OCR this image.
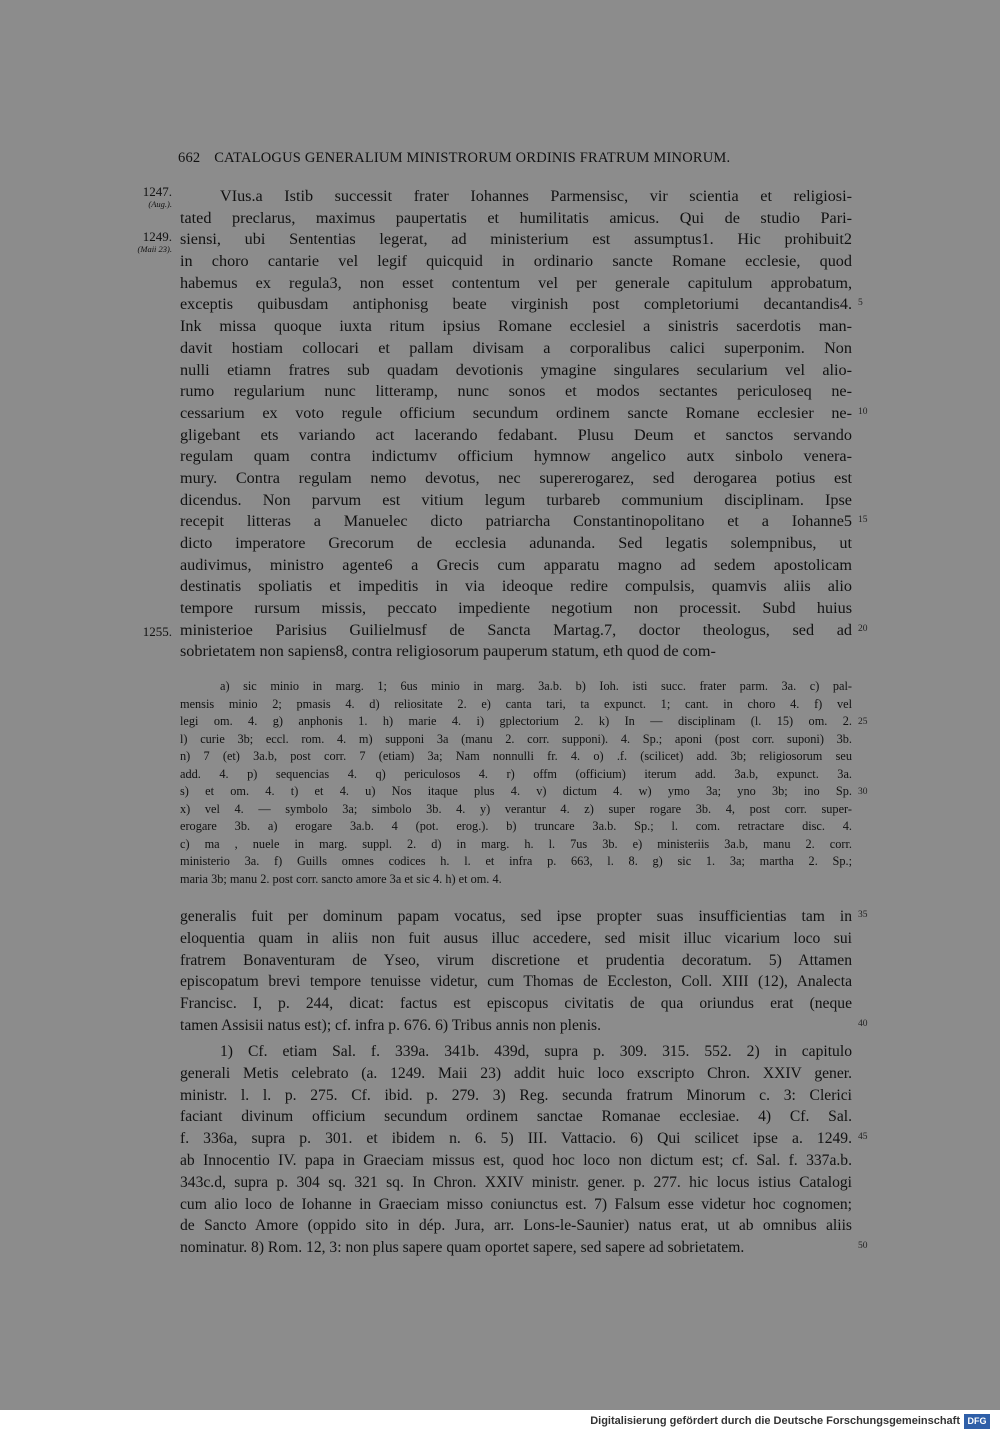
662 CATALOGUS GENERALIUM MINISTRORUM ORDINIS FRATRUM MINORUM.
1247.
(Aug.).
1249.
(Maii 23).
1255.
VIus.a Istib successit frater Iohannes Parmensisc, vir scientia et religiosi-
tated preclarus, maximus paupertatis et humilitatis amicus. Qui de studio Pari-
siensi, ubi Sententias legerat, ad ministerium est assumptus1. Hic prohibuit2
in choro cantarie vel legif quicquid in ordinario sancte Romane ecclesie, quod
habemus ex regula3, non esset contentum vel per generale capitulum approbatum,
exceptis quibusdam antiphonisg beate virginish post completoriumi decantandis4. 5
Ink missa quoque iuxta ritum ipsius Romane ecclesiel a sinistris sacerdotis man-
davit hostiam collocari et pallam divisam a corporalibus calici superponim. Non
nulli etiamn fratres sub quadam devotionis ymagine singulares secularium vel alio-
rumo regularium nunc litteramp, nunc sonos et modos sectantes periculoseq ne-
cessarium ex voto regule officium secundum ordinem sancte Romane ecclesier ne- 10
gligebant ets variando act lacerando fedabant. Plusu Deum et sanctos servando
regulam quam contra indictumv officium hymnow angelico autx sinbolo venera-
mury. Contra regulam nemo devotus, nec supererogarez, sed derogarea potius est
dicendus. Non parvum est vitium legum turbareb communium disciplinam. Ipse
recepit litteras a Manuelec dicto patriarcha Constantinopolitano et a Iohanne5 15
dicto imperatore Grecorum de ecclesia adunanda. Sed legatis solempnibus, ut
audivimus, ministro agente6 a Grecis cum apparatu magno ad sedem apostolicam
destinatis spoliatis et impeditis in via ideoque redire compulsis, quamvis aliis alio
tempore rursum missis, peccato impediente negotium non processit. Subd huius
ministerioe Parisius Guilielmusf de Sancta Martag.7, doctor theologus, sed ad 20
sobrietatem non sapiens8, contra religiosorum pauperum statum, eth quod de com-
a) sic minio in marg. 1; 6us minio in marg. 3a.b. b) Ioh. isti succ. frater parm. 3a. c) pal-
mensis minio 2; pmasis 4. d) reliositate 2. e) canta tari, ta expunct. 1; cant. in choro 4. f) vel
legi om. 4. g) anphonis 1. h) marie 4. i) gplectorium 2. k) In — disciplinam (l. 15) om. 2. 25
l) curie 3b; eccl. rom. 4. m) supponi 3a (manu 2. corr. supponi). 4. Sp.; aponi (post corr. suponi) 3b.
n) 7 (et) 3a.b, post corr. 7 (etiam) 3a; Nam nonnulli fr. 4. o) .f. (scilicet) add. 3b; religiosorum seu
add. 4. p) sequencias 4. q) periculosos 4. r) offm (officium) iterum add. 3a.b, expunct. 3a.
s) et om. 4. t) et 4. u) Nos itaque plus 4. v) dictum 4. w) ymo 3a; yno 3b; ino Sp. 30
x) vel 4. — symbolo 3a; simbolo 3b. 4. y) verantur 4. z) super rogare 3b. 4, post corr. super-
erogare 3b. a) erogare 3a.b. 4 (pot. erog.). b) truncare 3a.b. Sp.; l. com. retractare disc. 4.
c) ma , nuele in marg. suppl. 2. d) in marg. h. l. 7us 3b. e) ministeriis 3a.b, manu 2. corr.
ministerio 3a. f) Guills omnes codices h. l. et infra p. 663, l. 8. g) sic 1. 3a; martha 2. Sp.;
maria 3b; manu 2. post corr. sancto amore 3a et sic 4. h) et om. 4.
generalis fuit per dominum papam vocatus, sed ipse propter suas insufficientias tam in 35
eloquentia quam in aliis non fuit ausus illuc accedere, sed misit illuc vicarium loco sui
fratrem Bonaventuram de Yseo, virum discretione et prudentia decoratum. 5) Attamen
episcopatum brevi tempore tenuisse videtur, cum Thomas de Eccleston, Coll. XIII (12), Analecta
Francisc. I, p. 244, dicat: factus est episcopus civitatis de qua oriundus erat (neque
tamen Assisii natus est); cf. infra p. 676. 6) Tribus annis non plenis.	40
1) Cf. etiam Sal. f. 339a. 341b. 439d, supra p. 309. 315. 552. 2) in capitulo
generali Metis celebrato (a. 1249. Maii 23) addit huic loco exscripto Chron. XXIV gener.
ministr. l. l. p. 275. Cf. ibid. p. 279. 3) Reg. secunda fratrum Minorum c. 3: Clerici
faciant divinum officium secundum ordinem sanctae Romanae ecclesiae. 4) Cf. Sal.
f. 336a, supra p. 301. et ibidem n. 6. 5) III. Vattacio. 6) Qui scilicet ipse a. 1249. 45
ab Innocentio IV. papa in Graeciam missus est, quod hoc loco non dictum est; cf. Sal. f. 337a.b.
343c.d, supra p. 304 sq. 321 sq. In Chron. XXIV ministr. gener. p. 277. hic locus istius Catalogi
cum alio loco de Iohanne in Graeciam misso coniunctus est. 7) Falsum esse videtur hoc cognomen;
de Sancto Amore (oppido sito in dép. Jura, arr. Lons-le-Saunier) natus erat, ut ab omnibus aliis
nominatur. 8) Rom. 12, 3: non plus sapere quam oportet sapere, sed sapere ad sobrietatem.	50
Digitalisierung gefördert durch die Deutsche Forschungsgemeinschaft DFG
